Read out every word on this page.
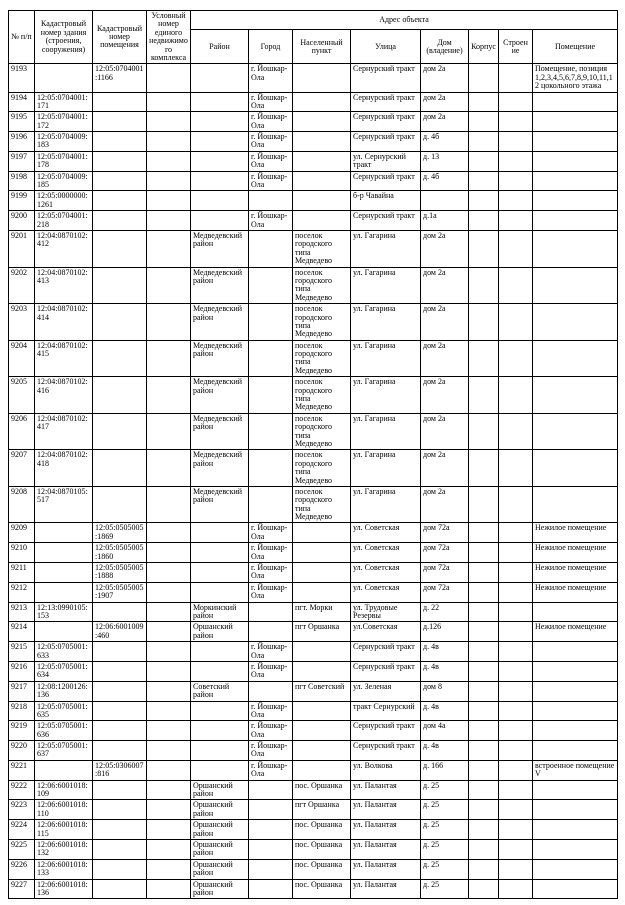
№ п/п	Кадастровый номер здания (строения, сооружения)	Кадастровый номер помещения	Условный номер единого недвижимого комплекса	Адрес объекта							
				Район	Город	Населенный пункт	Улица	Дом (владение)	Корпус	Строение	Помещение
9193		12:05:0704001:1166			г. Йошкар-Ола		Сернурский тракт	дом 2а			Помещение, позиция 1,2,3,4,5,6,7,8,9,10,11,12 цокольного этажа
9194	12:05:0704001:171				г. Йошкар-Ола		Сернурский тракт	дом 2а			
9195	12:05:0704001:172				г. Йошкар-Ола		Сернурский тракт	дом 2а			
9196	12:05:0704009:183				г. Йошкар-Ола		Сернурский тракт	д. 4б			
9197	12:05:0704001:178				г. Йошкар-Ола		ул. Сернурский тракт	д. 13			
9198	12:05:0704009:185				г. Йошкар-Ола		Сернурский тракт	д. 4б			
9199	12:05:0000000:1261						б-р Чавайна				
9200	12:05:0704001:218				г. Йошкар-Ола		Сернурский тракт	д.1а			
9201	12:04:0870102:412			Медведевский район		поселок городского типа Медведево	ул. Гагарина	дом 2а			
9202	12:04:0870102:413			Медведевский район		поселок городского типа Медведево	ул. Гагарина	дом 2а			
9203	12:04:0870102:414			Медведевский район		поселок городского типа Медведево	ул. Гагарина	дом 2а			
9204	12:04:0870102:415			Медведевский район		поселок городского типа Медведево	ул. Гагарина	дом 2а			
9205	12:04:0870102:416			Медведевский район		поселок городского типа Медведево	ул. Гагарина	дом 2а			
9206	12:04:0870102:417			Медведевский район		поселок городского типа Медведево	ул. Гагарина	дом 2а			
9207	12:04:0870102:418			Медведевский район		поселок городского типа Медведево	ул. Гагарина	дом 2а			
9208	12:04:0870105:517			Медведевский район		поселок городского типа Медведево	ул. Гагарина	дом 2а			
9209		12:05:0505005:1869			г. Йошкар-Ола		ул. Советская	дом 72а			Нежилое помещение
9210		12:05:0505005:1860			г. Йошкар-Ола		ул. Советская	дом 72а			Нежилое помещение
9211		12:05:0505005:1888			г. Йошкар-Ола		ул. Советская	дом 72а			Нежилое помещение
9212		12:05:0505005:1907			г. Йошкар-Ола		ул. Советская	дом 72а			Нежилое помещение
9213	12:13:0990105:153			Моркинский район		пгт. Морки	ул. Трудовые Резервы	д. 22			
9214		12:06:6001009:460		Оршанский район		пгт Оршанка	ул.Советская	д.126			Нежилое помещение
9215	12:05:0705001:633				г. Йошкар-Ола		Сернурский тракт	д. 4в			
9216	12:05:0705001:634				г. Йошкар-Ола		Сернурский тракт	д. 4в			
9217	12:08:1200126:136			Советский район		пгт Советский	ул. Зеленая	дом 8			
9218	12:05:0705001:635				г. Йошкар-Ола		тракт Сернурский	д. 4в			
9219	12:05:0705001:636				г. Йошкар-Ола		Сернурский тракт	дом 4а			
9220	12:05:0705001:637				г. Йошкар-Ола		Сернурский тракт	д. 4в			
9221		12:05:0306007:816			г. Йошкар-Ола		ул. Волкова	д. 166			встроенное помещение V
9222	12:06:6001018:109			Оршанский район		пос. Оршанка	ул. Палантая	д. 25			
9223	12:06:6001018:110			Оршанский район		пгт Оршанка	ул. Палантая	д. 25			
9224	12:06:6001018:115			Оршанский район		пос. Оршанка	ул. Палантая	д. 25			
9225	12:06:6001018:132			Оршанский район		пос. Оршанка	ул. Палантая	д. 25			
9226	12:06:6001018:133			Оршанский район		пос. Оршанка	ул. Палантая	д. 25			
9227	12:06:6001018:136			Оршанский район		пос. Оршанка	ул. Палантая	д. 25			
